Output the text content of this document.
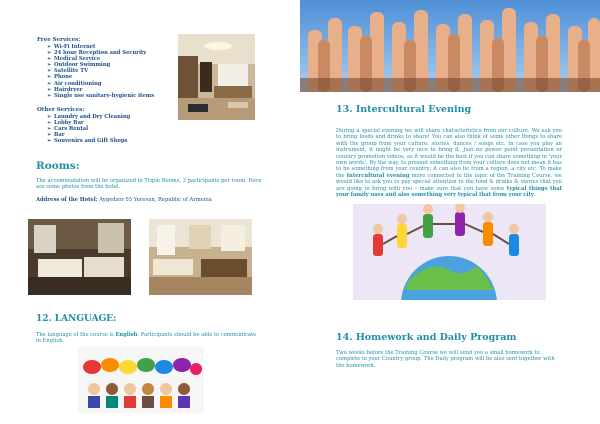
Free Services:

➢ Wi-Fi Internet
➢ 24 hour Reception and Security
➢ Medical Service
➢ Outdoor Swimming
➢ Satellite TV
➢ Phone
➢ Air conditioning
➢ Hairdryer
➢ Single use sanitary-hygienic items

Other Services:

➢ Laundry and Dry Cleaning
➢ Lobby Bar
➢ Cars Rental
➢ Bar
➢ Souvenirs and Gift Shops
Rooms:

The accommodation will be organized in Triple Rooms, 3 participants per room. Here are some photos from the hotel.

Address of the Hotel: Aygedzor 55 Yerevan, Republic of Armenia

12. LANGUAGE:

The language of the course is English. Participants should be able to communicate in English.

13. Intercultural Evening

During a special evening we will share characteristics from our culture. We ask you to bring foods and drinks to share! You can also think of some other things to share with the group from your culture: stories, dances / songs etc. In case you play an instrument, it might be very nice to bring it. Just no power point presentation or country promotion videos, as it would be the best if you can share something in 'your own words'. By the way, to present something from your culture does not mean it has to be something from your country; it can also be from a region, a city etc. To make the Intercultural evening more connected to the topic of the Training Course, we would like to ask you to pay special attention to the food & drinks & stories that you are going to bring with you – make sure that you have some typical things that your family uses and also something very typical that from your city.

14. Homework and Daily Program

Two weeks before the Training Course we will send you a small homework to complete in your Country group. The Daily program will be also sent together with the homework.
